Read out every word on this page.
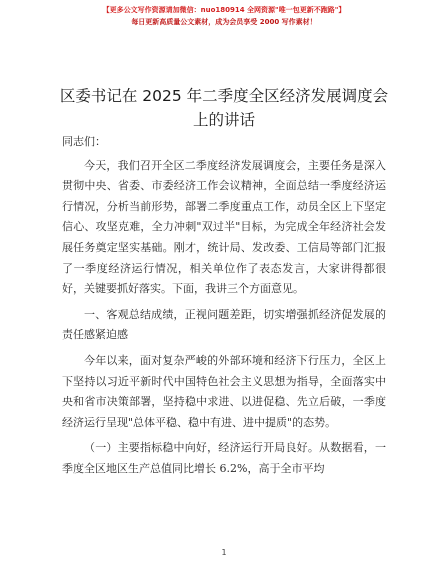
【更多公文写作资源请加微信：nuo180914 全网资源"唯一包更新不跑路"】
每日更新高质量公文素材，成为会员享受 2000 写作素材！
区委书记在 2025 年二季度全区经济发展调度会上的讲话

同志们：

今天，我们召开全区二季度经济发展调度会，主要任务是深入贯彻中央、省委、市委经济工作会议精神，全面总结一季度经济运行情况，分析当前形势，部署二季度重点工作，动员全区上下坚定信心、攻坚克难，全力冲刺"双过半"目标，为完成全年经济社会发展任务奠定坚实基础。刚才，统计局、发改委、工信局等部门汇报了一季度经济运行情况，相关单位作了表态发言，大家讲得都很好，关键要抓好落实。下面，我讲三个方面意见。

一、客观总结成绩，正视问题差距，切实增强抓经济促发展的责任感紧迫感

今年以来，面对复杂严峻的外部环境和经济下行压力，全区上下坚持以习近平新时代中国特色社会主义思想为指导，全面落实中央和省市决策部署，坚持稳中求进、以进促稳、先立后破，一季度经济运行呈现"总体平稳、稳中有进、进中提质"的态势。

（一）主要指标稳中向好，经济运行开局良好。从数据看，一季度全区地区生产总值同比增长 6.2%，高于全市平均

1
